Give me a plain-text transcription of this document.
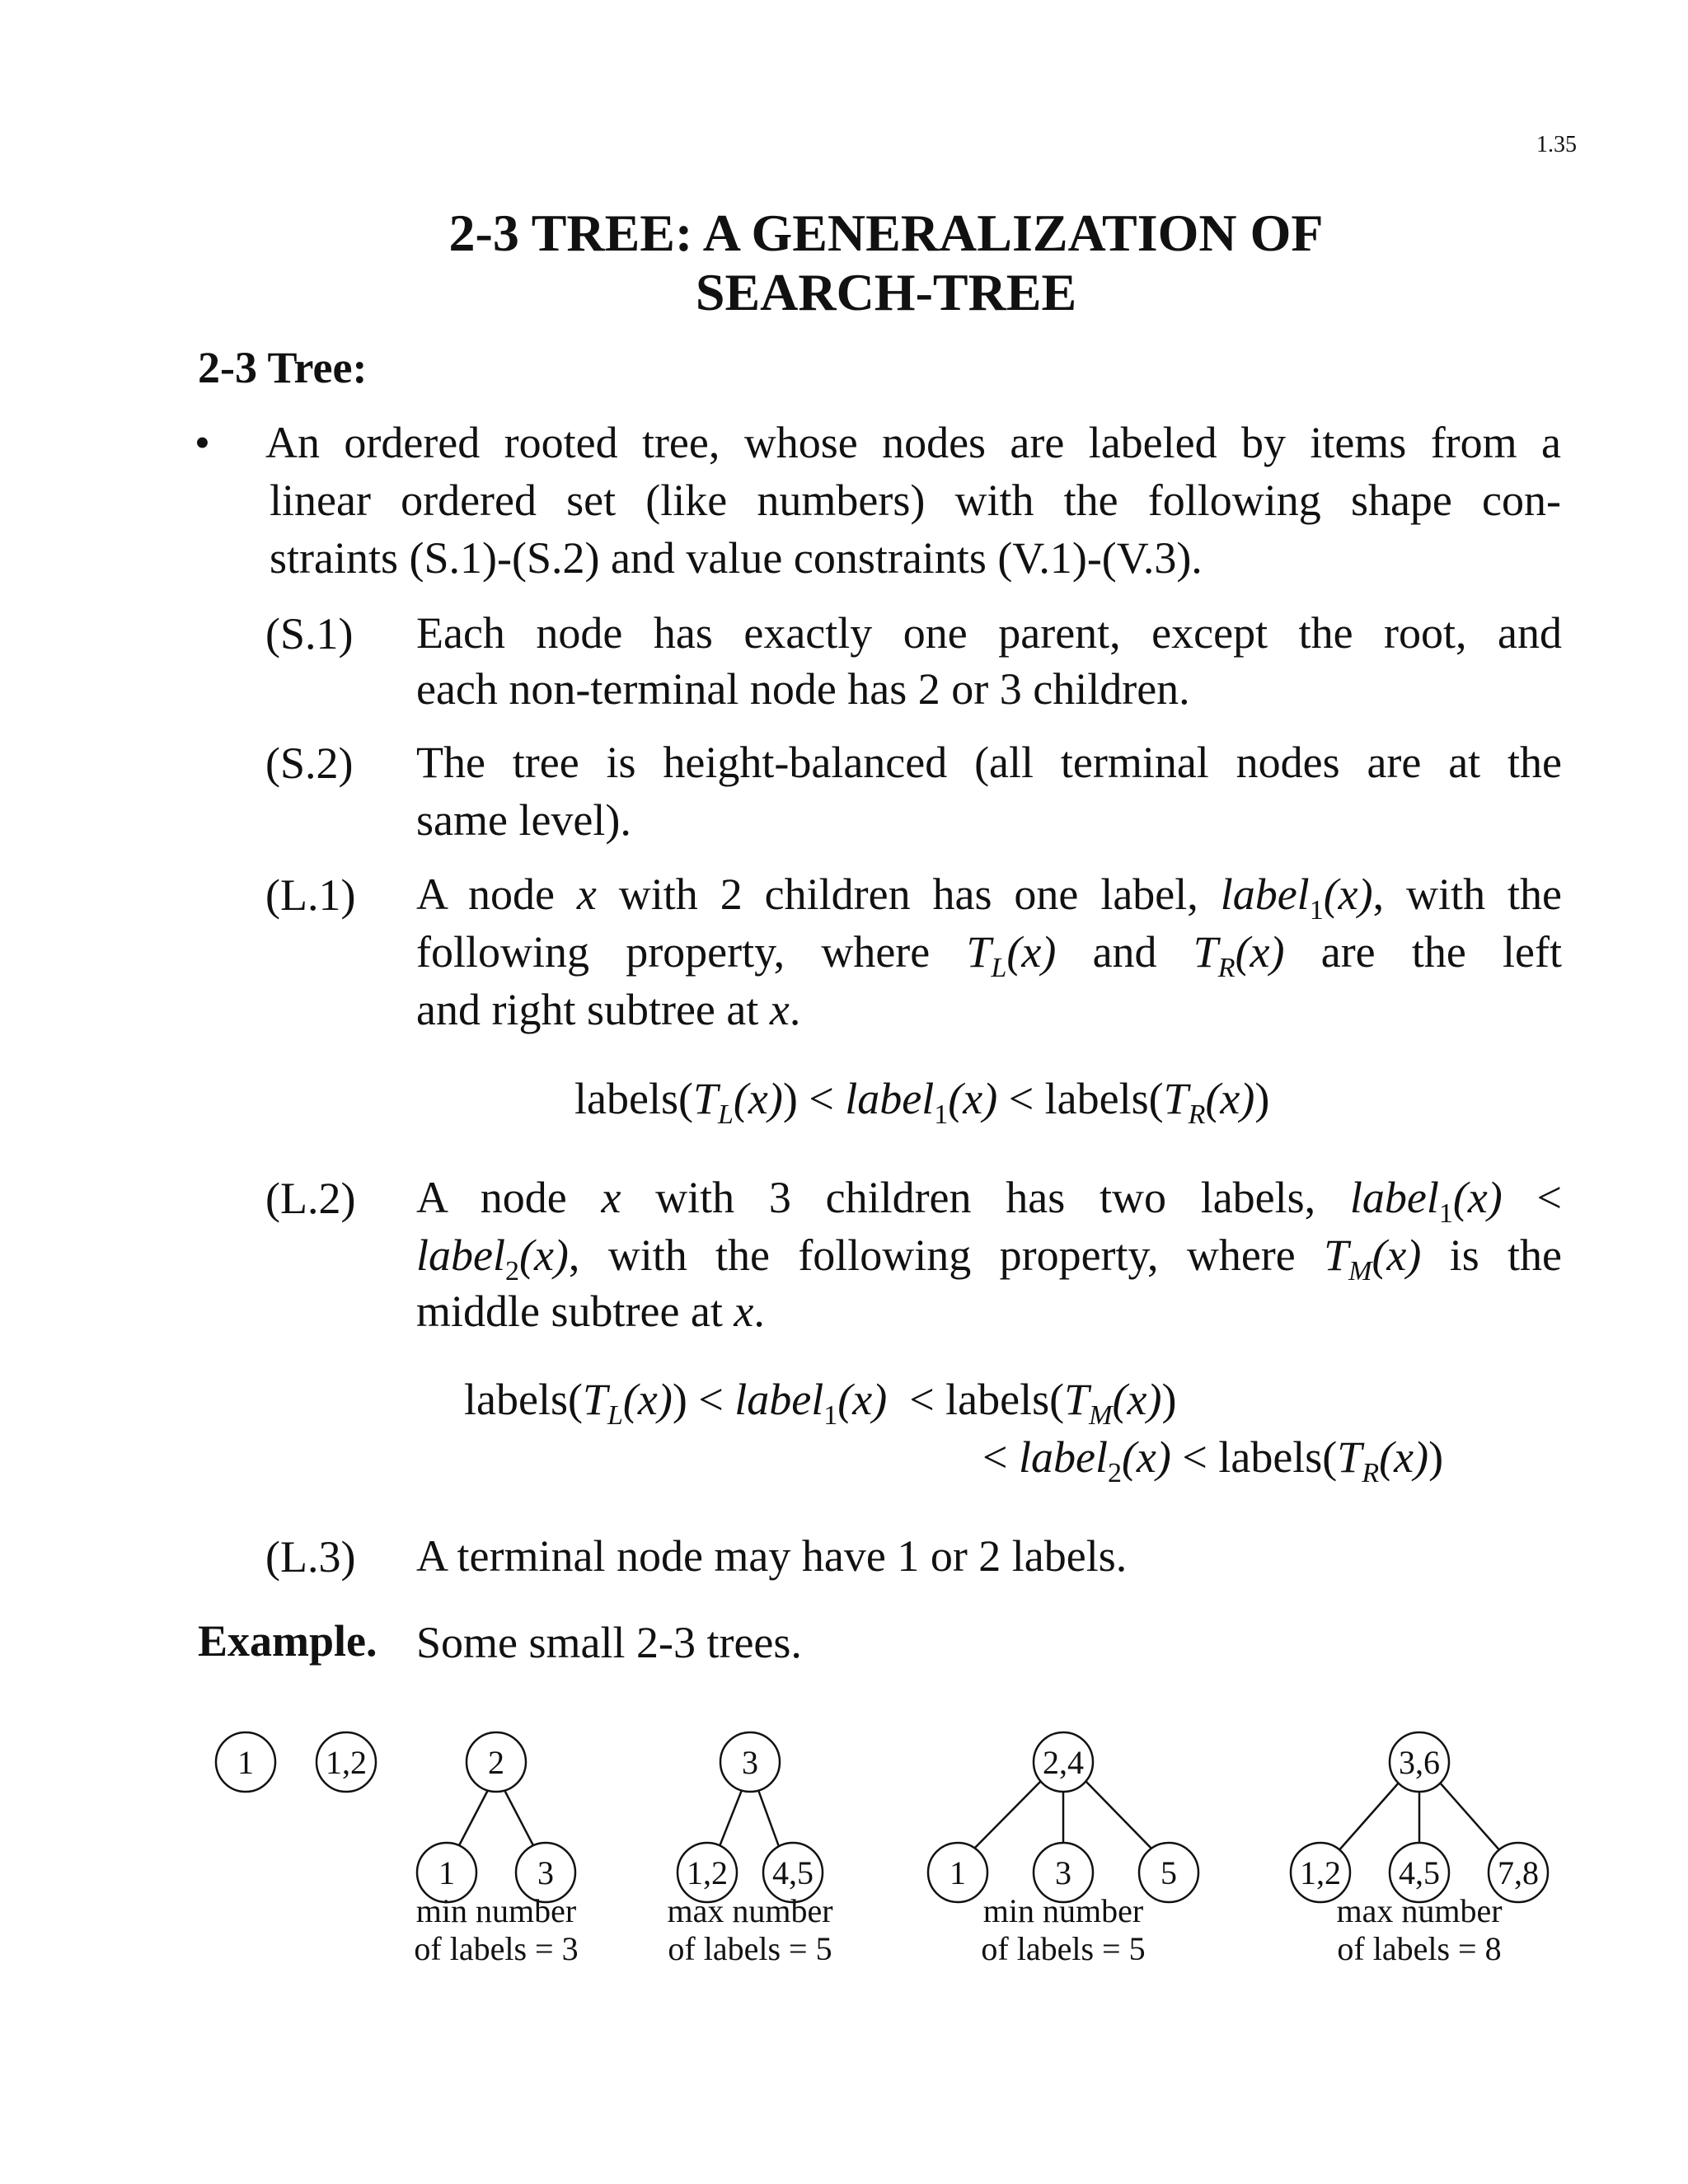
1.35
2-3 TREE: A GENERALIZATION OF
SEARCH-TREE
2-3 Tree:
• An ordered rooted tree, whose nodes are labeled by items from a
linear ordered set (like numbers) with the following shape con-
straints (S.1)-(S.2) and value constraints (V.1)-(V.3).
(S.1) Each node has exactly one parent, except the root, and
each non-terminal node has 2 or 3 children.
(S.2) The tree is height-balanced (all terminal nodes are at the
same level).
(L.1) A node x with 2 children has one label, label$_1$(x), with the
following property, where $T_L(x)$ and $T_R(x)$ are the left
and right subtree at x.
$labels(T_L(x))$ < label$_1$(x) < $labels(T_R(x))$
(L.2) A node x with 3 children has two labels, label$_1$(x) <
label$_2$(x), with the following property, where $T_M(x)$ is the
middle subtree at x.
$labels(T_L(x))$ < label$_1$(x)  < $labels(T_M(x))$
< label$_2$(x) < $labels(T_R(x))$
(L.3) A terminal node may have 1 or 2 labels.
Example. Some small 2-3 trees.
1 1,2	2
1	3
3
1,2 4,5
2,4
1	3	5
3,6
1,2 4,5 7,8
min number
of labels = 3
max number
of labels = 5
min number
of labels = 5
max number
of labels = 8
